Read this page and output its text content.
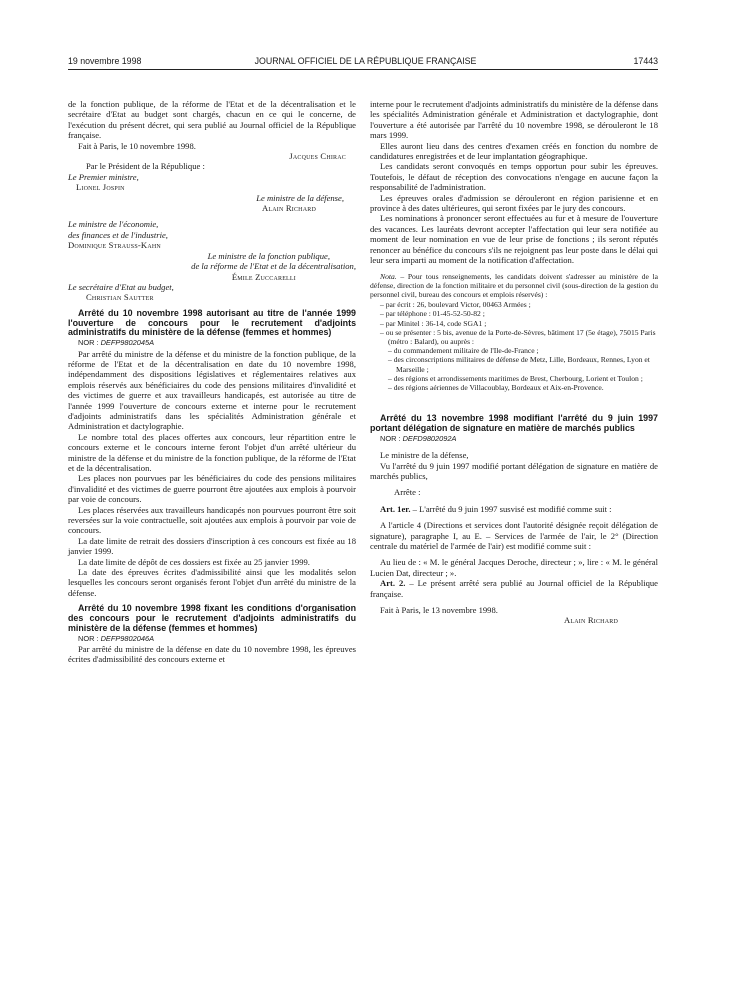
19 novembre 1998	JOURNAL OFFICIEL DE LA RÉPUBLIQUE FRANÇAISE	17443

de la fonction publique, de la réforme de l'Etat et de la décentralisation et le secrétaire d'Etat au budget sont chargés, chacun en ce qui le concerne, de l'exécution du présent décret, qui sera publié au Journal officiel de la République française.

Fait à Paris, le 10 novembre 1998.

Jacques Chirac

Par le Président de la République :

Le Premier ministre,

Lionel Jospin

Le ministre de la défense,

Alain Richard

Le ministre de l'économie,

des finances et de l'industrie,

Dominique Strauss-Kahn

Le ministre de la fonction publique,

de la réforme de l'Etat et de la décentralisation,

Émile Zuccarelli

Le secrétaire d'Etat au budget,

Christian Sautter

Arrêté du 10 novembre 1998 autorisant au titre de l'année 1999 l'ouverture de concours pour le recrutement d'adjoints administratifs du ministère de la défense (femmes et hommes)

NOR : DEFP9802045A

Par arrêté du ministre de la défense et du ministre de la fonction publique, de la réforme de l'Etat et de la décentralisation en date du 10 novembre 1998, indépendamment des dispositions législatives et réglementaires relatives aux emplois réservés aux bénéficiaires du code des pensions militaires d'invalidité et des victimes de guerre et aux travailleurs handicapés, est autorisée au titre de l'année 1999 l'ouverture de concours externe et interne pour le recrutement d'adjoints administratifs dans les spécialités Administration générale et Administration et dactylographie.

Le nombre total des places offertes aux concours, leur répartition entre le concours externe et le concours interne feront l'objet d'un arrêté ultérieur du ministre de la défense et du ministre de la fonction publique, de la réforme de l'Etat et de la décentralisation.

Les places non pourvues par les bénéficiaires du code des pensions militaires d'invalidité et des victimes de guerre pourront être ajoutées aux emplois à pourvoir par voie de concours.

Les places réservées aux travailleurs handicapés non pourvues pourront être soit reversées sur la voie contractuelle, soit ajoutées aux emplois à pourvoir par voie de concours.

La date limite de retrait des dossiers d'inscription à ces concours est fixée au 18 janvier 1999.

La date limite de dépôt de ces dossiers est fixée au 25 janvier 1999.

La date des épreuves écrites d'admissibilité ainsi que les modalités selon lesquelles les concours seront organisés feront l'objet d'un arrêté du ministre de la défense.

Arrêté du 10 novembre 1998 fixant les conditions d'organisation des concours pour le recrutement d'adjoints administratifs du ministère de la défense (femmes et hommes)

NOR : DEFP9802046A

Par arrêté du ministre de la défense en date du 10 novembre 1998, les épreuves écrites d'admissibilité des concours externe et

interne pour le recrutement d'adjoints administratifs du ministère de la défense dans les spécialités Administration générale et Administration et dactylographie, dont l'ouverture a été autorisée par l'arrêté du 10 novembre 1998, se dérouleront le 18 mars 1999.

Elles auront lieu dans des centres d'examen créés en fonction du nombre de candidatures enregistrées et de leur implantation géographique.

Les candidats seront convoqués en temps opportun pour subir les épreuves. Toutefois, le défaut de réception des convocations n'engage en aucune façon la responsabilité de l'administration.

Les épreuves orales d'admission se dérouleront en région parisienne et en province à des dates ultérieures, qui seront fixées par le jury des concours.

Les nominations à prononcer seront effectuées au fur et à mesure de l'ouverture des vacances. Les lauréats devront accepter l'affectation qui leur sera notifiée au moment de leur nomination en vue de leur prise de fonctions ; ils seront réputés renoncer au bénéfice du concours s'ils ne rejoignent pas leur poste dans le délai qui leur sera imparti au moment de la notification d'affectation.

Nota. – Pour tous renseignements, les candidats doivent s'adresser au ministère de la défense, direction de la fonction militaire et du personnel civil (sous-direction de la gestion du personnel civil, bureau des concours et emplois réservés) :

– par écrit : 26, boulevard Victor, 00463 Armées ;
– par téléphone : 01-45-52-50-82 ;
– par Minitel : 36-14, code SGA1 ;
– ou se présenter : 5 bis, avenue de la Porte-de-Sèvres, bâtiment 17 (5e étage), 75015 Paris (métro : Balard), ou auprès :
– du commandement militaire de l'Ile-de-France ;
– des circonscriptions militaires de défense de Metz, Lille, Bordeaux, Rennes, Lyon et Marseille ;
– des régions et arrondissements maritimes de Brest, Cherbourg, Lorient et Toulon ;
– des régions aériennes de Villacoublay, Bordeaux et Aix-en-Provence.

Arrêté du 13 novembre 1998 modifiant l'arrêté du 9 juin 1997 portant délégation de signature en matière de marchés publics

NOR : DEFD9802092A

Le ministre de la défense,

Vu l'arrêté du 9 juin 1997 modifié portant délégation de signature en matière de marchés publics,

Arrête :

Art. 1er. – L'arrêté du 9 juin 1997 susvisé est modifié comme suit :

A l'article 4 (Directions et services dont l'autorité désignée reçoit délégation de signature), paragraphe I, au E. – Services de l'armée de l'air, le 2° (Direction centrale du matériel de l'armée de l'air) est modifié comme suit :

Au lieu de : « M. le général Jacques Deroche, directeur ; », lire : « M. le général Lucien Dat, directeur ; ».

Art. 2. – Le présent arrêté sera publié au Journal officiel de la République française.

Fait à Paris, le 13 novembre 1998.

Alain Richard
